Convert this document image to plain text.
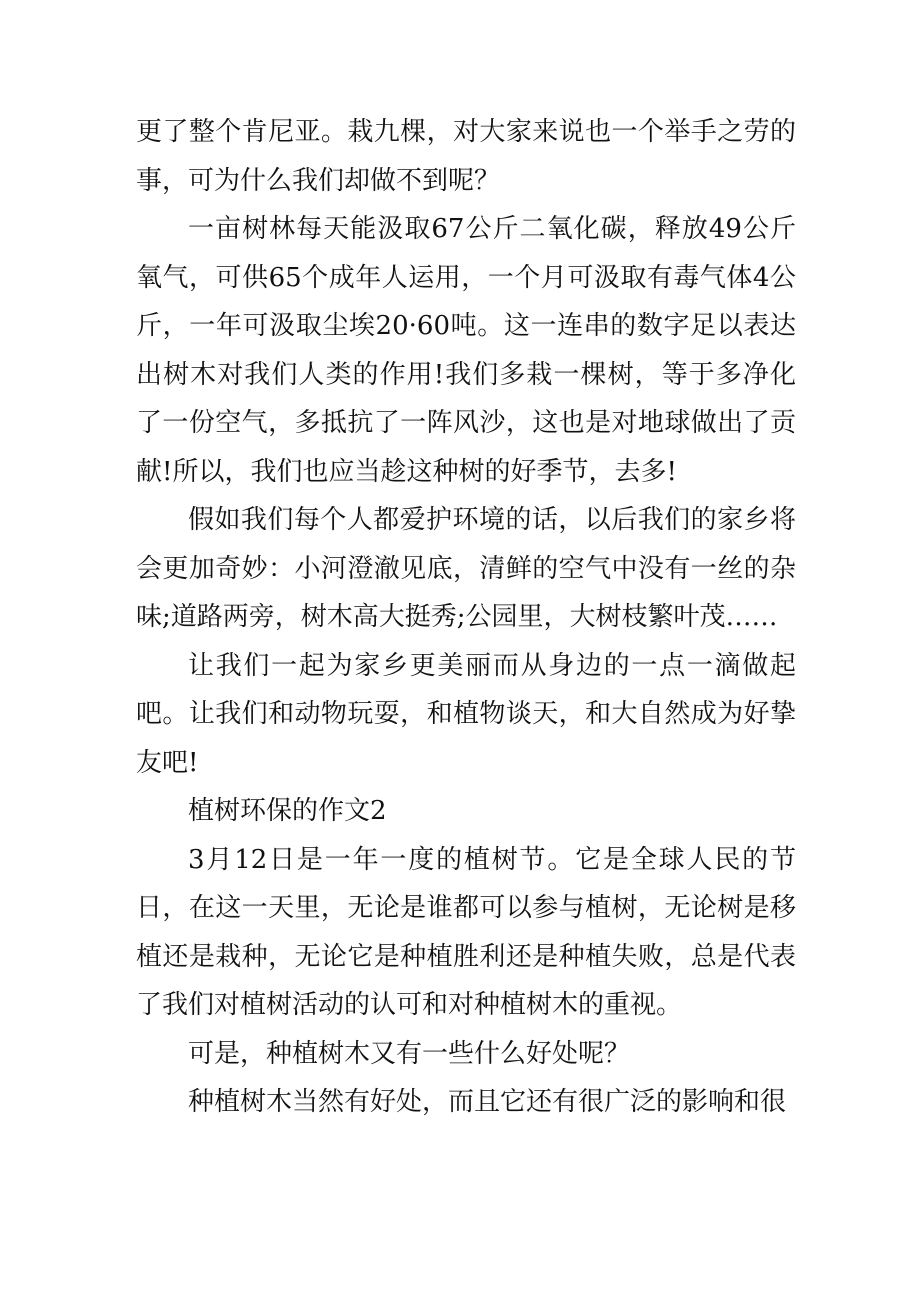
更了整个肯尼亚。栽九棵，对大家来说也一个举手之劳的事，可为什么我们却做不到呢？

一亩树林每天能汲取67公斤二氧化碳，释放49公斤氧气，可供65个成年人运用，一个月可汲取有毒气体4公斤，一年可汲取尘埃20·60吨。这一连串的数字足以表达出树木对我们人类的作用!我们多栽一棵树，等于多净化了一份空气，多抵抗了一阵风沙，这也是对地球做出了贡献!所以，我们也应当趁这种树的好季节，去多!

假如我们每个人都爱护环境的话，以后我们的家乡将会更加奇妙：小河澄澈见底，清鲜的空气中没有一丝的杂味;道路两旁，树木高大挺秀;公园里，大树枝繁叶茂……

让我们一起为家乡更美丽而从身边的一点一滴做起吧。让我们和动物玩耍，和植物谈天，和大自然成为好挚友吧!

植树环保的作文2

3月12日是一年一度的植树节。它是全球人民的节日，在这一天里，无论是谁都可以参与植树，无论树是移植还是栽种，无论它是种植胜利还是种植失败，总是代表了我们对植树活动的认可和对种植树木的重视。

可是，种植树木又有一些什么好处呢？

种植树木当然有好处，而且它还有很广泛的影响和很
